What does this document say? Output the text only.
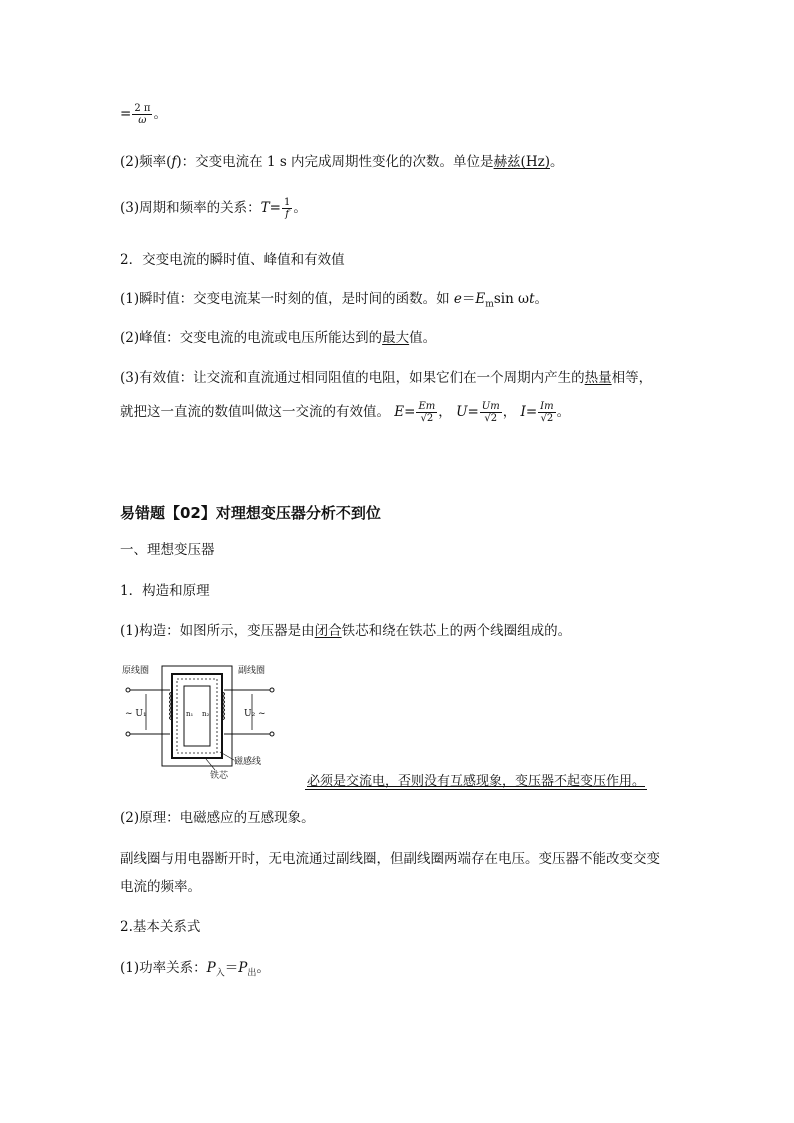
= $\frac{2 \pi}{\omega}$ 。
(2)频率(f)：交变电流在 1 s 内完成周期性变化的次数。单位是赫兹(Hz)。
(3)周期和频率的关系：$T= \frac{1}{f}$ 。
2．交变电流的瞬时值、峰值和有效值
(1)瞬时值：交变电流某一时刻的值，是时间的函数。如 $e=E_m\sin$ ωt。
(2)峰值：交变电流的电流或电压所能达到的最大值。
(3)有效值：让交流和直流通过相同阻值的电阻，如果它们在一个周期内产生的热量相等，
就把这一直流的数值叫做这一交流的有效值。 $E= \frac{Em}{√2}$ ， $U= \frac{Um}{√2}$ ， $I= \frac{Im}{√2}$ 。
易错题【02】对理想变压器分析不到位
一、理想变压器
1．构造和原理
(1)构造：如图所示，变压器是由闭合铁芯和绕在铁芯上的两个线圈组成的。
原线圈	副线圈
~ U₁	U₂ ~
n₁ n₂
磁感线
铁芯	必须是交流电，否则没有互感现象，变压器不起变压作用。
(2)原理：电磁感应的互感现象。
副线圈与用电器断开时，无电流通过副线圈，但副线圈两端存在电压。变压器不能改变交变
电流的频率。
2.基本关系式
(1)功率关系：$P_入=P_出$。
